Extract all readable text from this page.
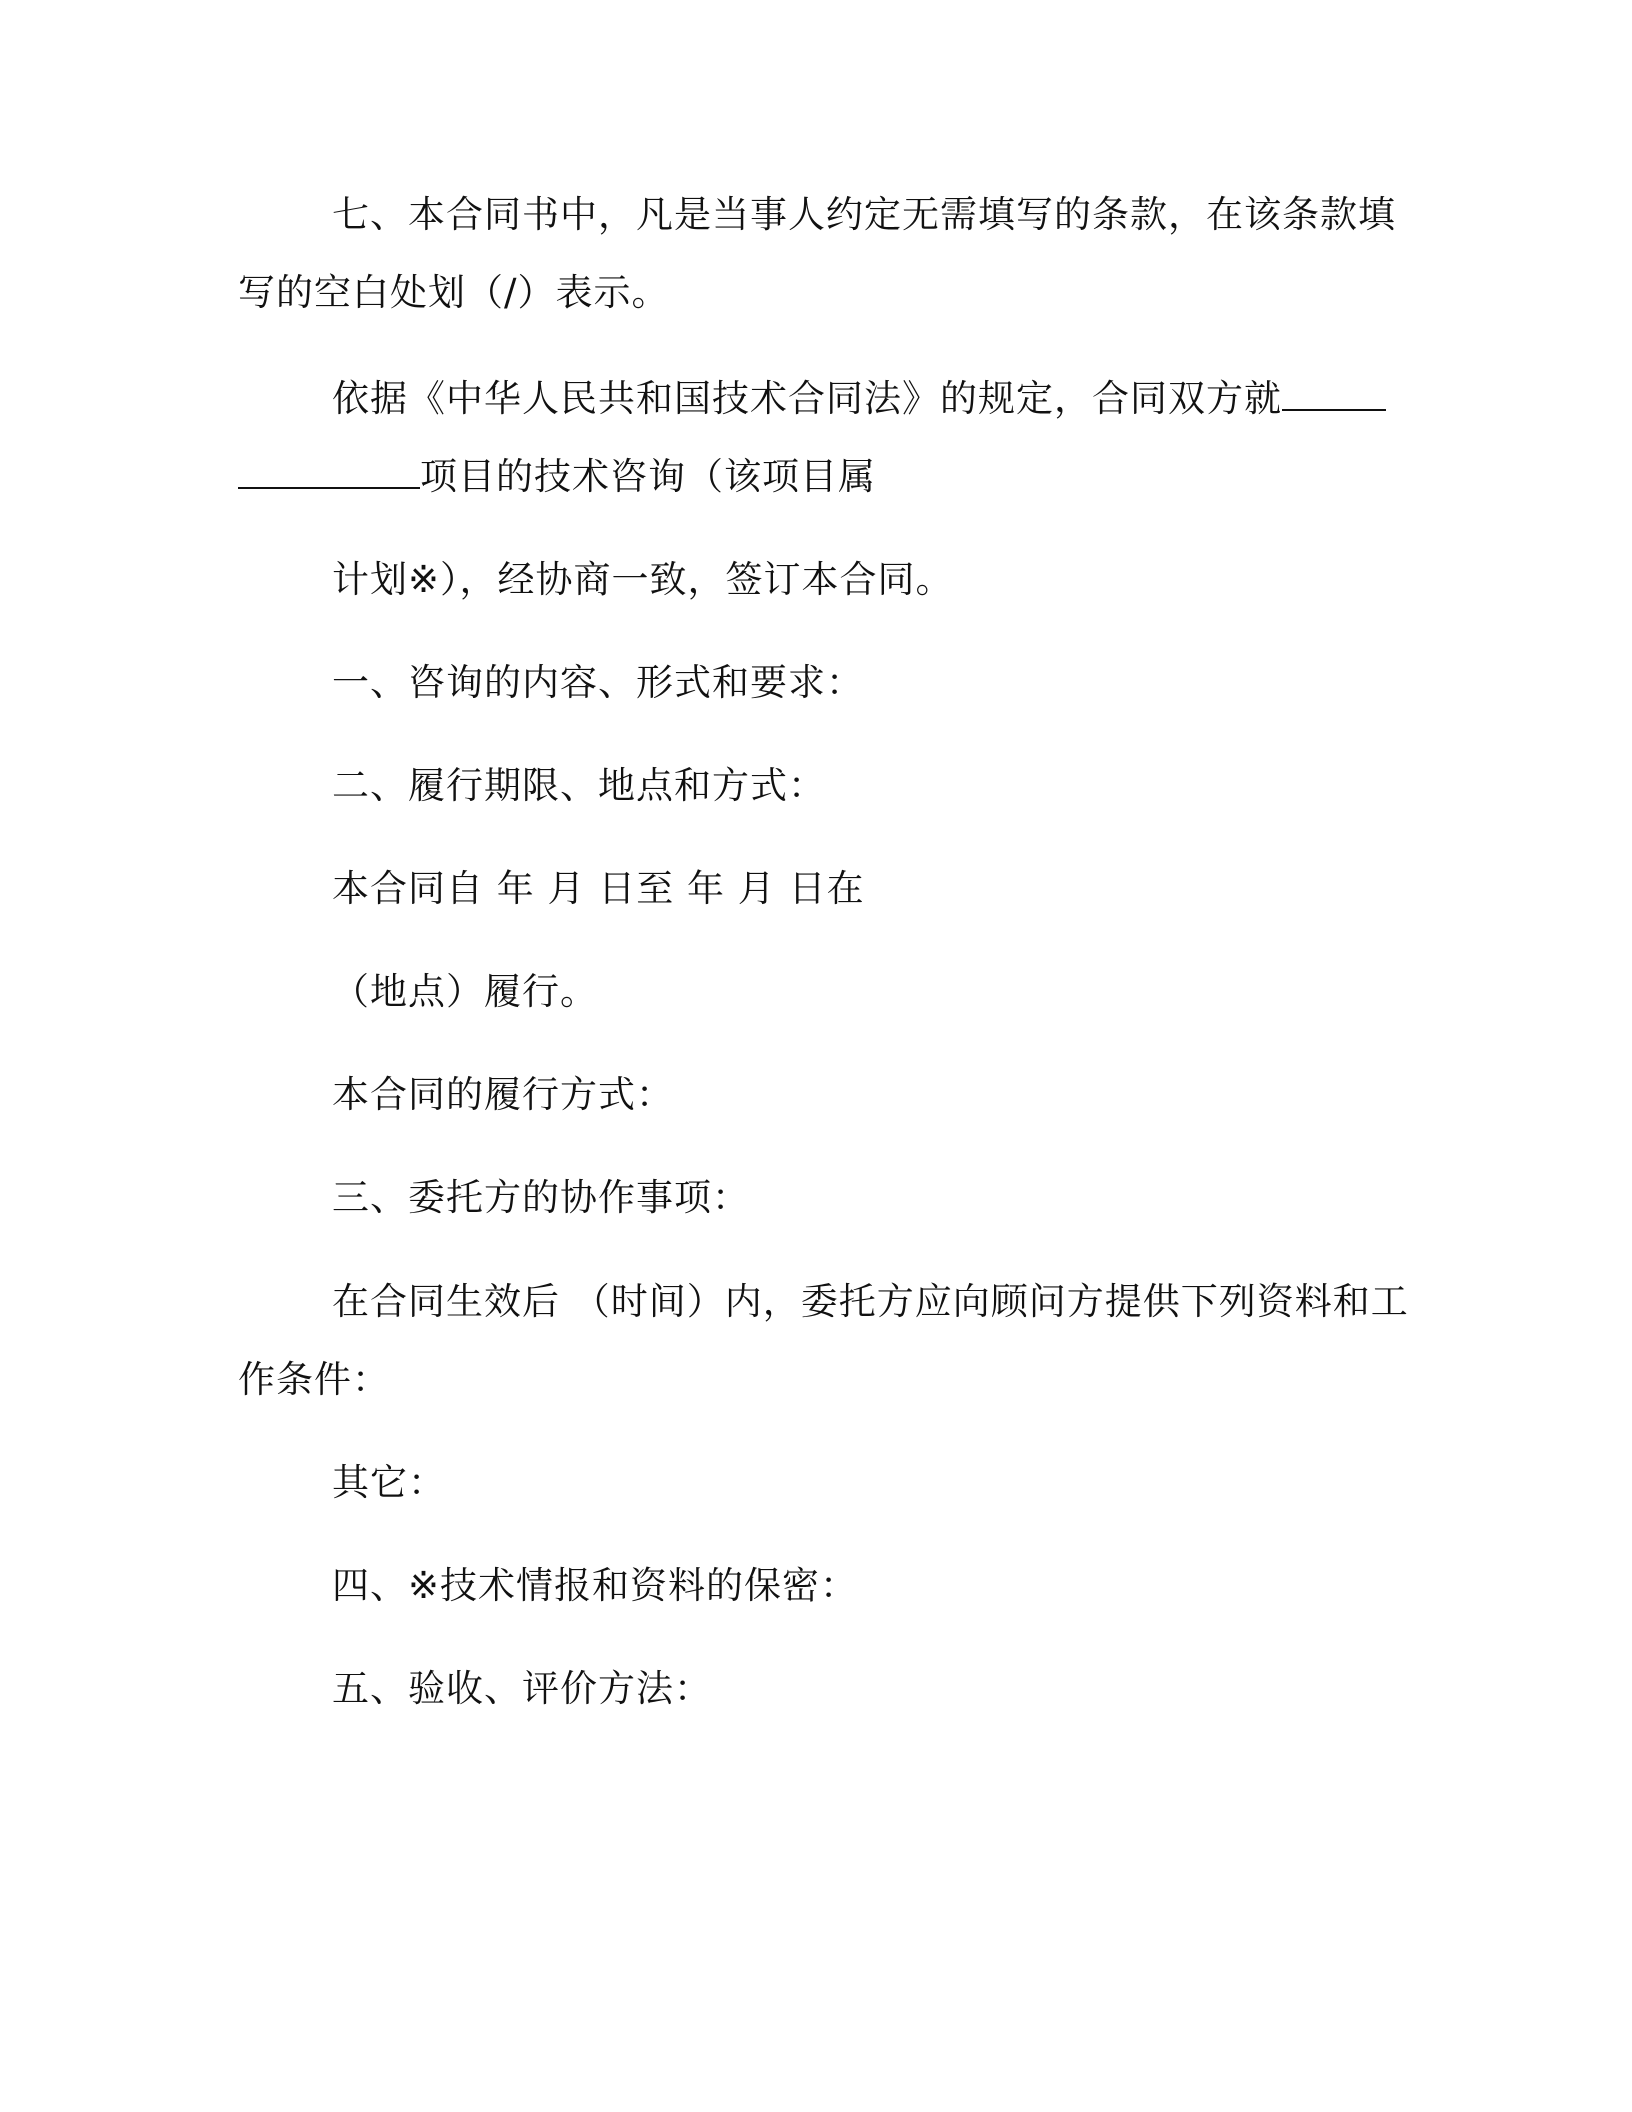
七、本合同书中，凡是当事人约定无需填写的条款，在该条款填

写的空白处划（/）表示。

依据《中华人民共和国技术合同法》的规定，合同双方就

项目的技术咨询（该项目属

计划※），经协商一致，签订本合同。

一、咨询的内容、形式和要求：

二、履行期限、地点和方式：

本合同自 年 月 日至 年 月 日在

（地点）履行。

本合同的履行方式：

三、委托方的协作事项：

在合同生效后 （时间）内，委托方应向顾问方提供下列资料和工

作条件：

其它：

四、※技术情报和资料的保密：

五、验收、评价方法：
